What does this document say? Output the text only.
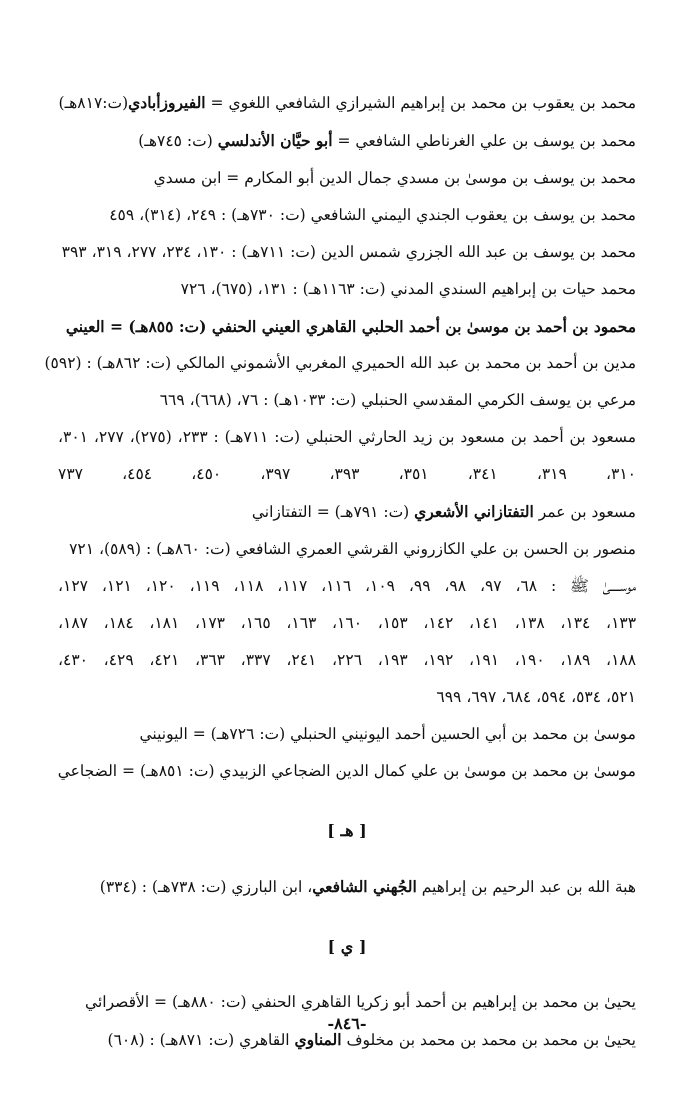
محمد بن يعقوب بن محمد بن إبراهيم الشيرازي الشافعي اللغوي = الفيروزأبادي(ت:٨١٧هـ)
محمد بن يوسف بن علي الغرناطي الشافعي = أبو حيَّان الأندلسي (ت: ٧٤٥هـ)
محمد بن يوسف بن موسىٰ بن مسدي جمال الدين أبو المكارم = ابن مسدي
محمد بن يوسف بن يعقوب الجندي اليمني الشافعي (ت: ٧٣٠هـ) : ٢٤٩، (٣١٤)، ٤٥٩
محمد بن يوسف بن عبد الله الجزري شمس الدين (ت: ٧١١هـ) : ١٣٠، ٢٣٤، ٢٧٧، ٣١٩، ٣٩٣
محمد حيات بن إبراهيم السندي المدني (ت: ١١٦٣هـ) : ١٣١، (٦٧٥)، ٧٢٦
محمود بن أحمد بن موسىٰ بن أحمد الحلبي القاهري العيني الحنفي (ت: ٨٥٥هـ) = العيني
مدين بن أحمد بن محمد بن عبد الله الحميري المغربي الأشموني المالكي (ت: ٨٦٢هـ) : (٥٩٢)
مرعي بن يوسف الكرمي المقدسي الحنبلي (ت: ١٠٣٣هـ) : ٧٦، (٦٦٨)، ٦٦٩
مسعود بن أحمد بن مسعود بن زيد الحارثي الحنبلي (ت: ٧١١هـ) : ٢٣٣، (٢٧٥)، ٢٧٧، ٣٠١،
٣١٠، ٣١٩، ٣٤١، ٣٥١، ٣٩٣، ٣٩٧، ٤٥٠، ٤٥٤، ٧٣٧
مسعود بن عمر التفتازاني الأشعري (ت: ٧٩١هـ) = التفتازاني
منصور بن الحسن بن علي الكازروني القرشي العمري الشافعي (ت: ٨٦٠هـ) : (٥٨٩)، ٧٢١
موســـــىٰ ﷺ : ٦٨، ٩٧، ٩٨، ٩٩، ١٠٩، ١١٦، ١١٧، ١١٨، ١١٩، ١٢٠، ١٢١، ١٢٧،
١٣٣، ١٣٤، ١٣٨، ١٤١، ١٤٢، ١٥٣، ١٦٠، ١٦٣، ١٦٥، ١٧٣، ١٨١، ١٨٤، ١٨٧،
١٨٨، ١٨٩، ١٩٠، ١٩١، ١٩٢، ١٩٣، ٢٢٦، ٢٤١، ٣٣٧، ٣٦٣، ٤٢١، ٤٢٩، ٤٣٠،
٥٢١، ٥٣٤، ٥٩٤، ٦٨٤، ٦٩٧، ٦٩٩
موسىٰ بن محمد بن أبي الحسين أحمد اليونيني الحنبلي (ت: ٧٢٦هـ) = اليونيني
موسىٰ بن محمد بن موسىٰ بن علي كمال الدين الضجاعي الزبيدي (ت: ٨٥١هـ) = الضجاعي
[ هـ ]
هبة الله بن عبد الرحيم بن إبراهيم الجُهني الشافعي، ابن البارزي (ت: ٧٣٨هـ) : (٣٣٤)
[ ي ]
يحيىٰ بن محمد بن إبراهيم بن أحمد أبو زكريا القاهري الحنفي (ت: ٨٨٠هـ) = الأقصرائي
يحيىٰ بن محمد بن محمد بن محمد بن مخلوف المناوي القاهري (ت: ٨٧١هـ) : (٦٠٨)
-٨٤٦-
